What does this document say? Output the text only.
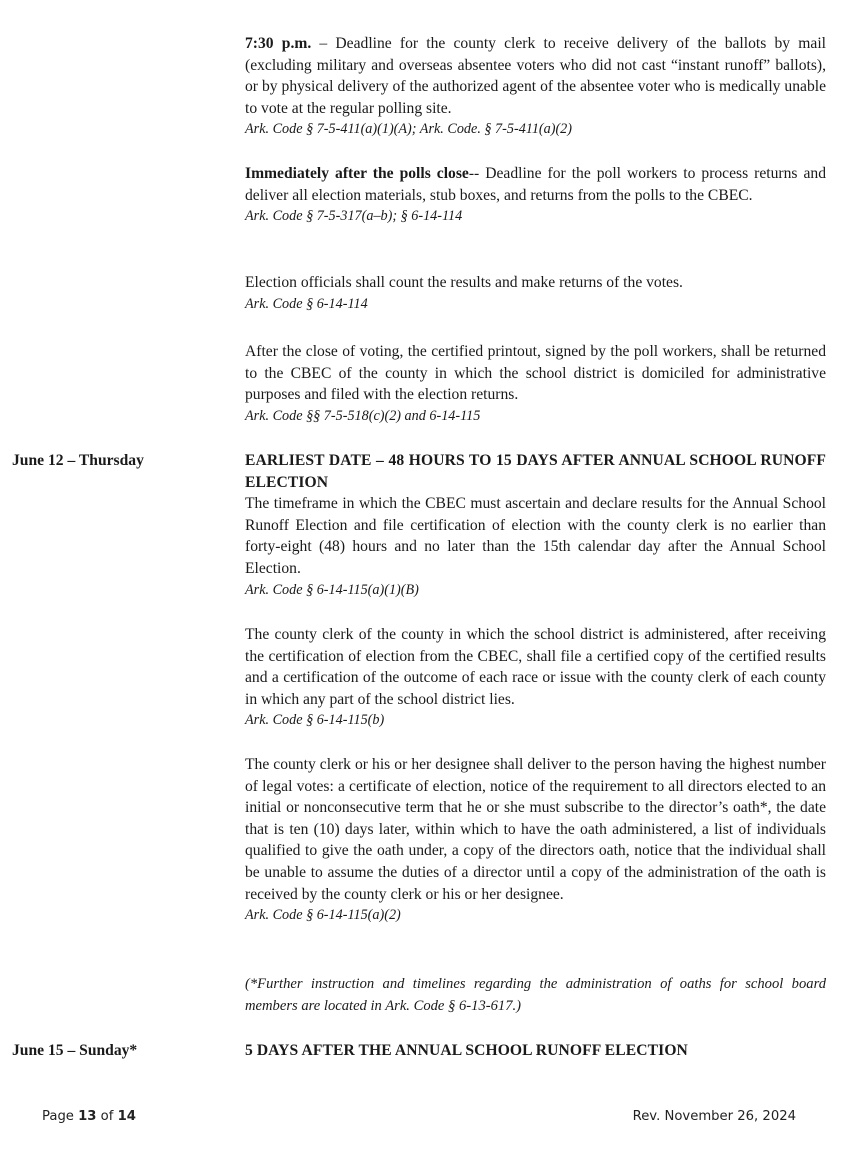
7:30 p.m. – Deadline for the county clerk to receive delivery of the ballots by mail (excluding military and overseas absentee voters who did not cast “instant runoff” ballots), or by physical delivery of the authorized agent of the absentee voter who is medically unable to vote at the regular polling site.

Ark. Code § 7-5-411(a)(1)(A); Ark. Code. § 7-5-411(a)(2)

Immediately after the polls close-- Deadline for the poll workers to process returns and deliver all election materials, stub boxes, and returns from the polls to the CBEC.

Ark. Code § 7-5-317(a–b); § 6-14-114

Election officials shall count the results and make returns of the votes.

Ark. Code § 6-14-114

After the close of voting, the certified printout, signed by the poll workers, shall be returned to the CBEC of the county in which the school district is domiciled for administrative purposes and filed with the election returns.

Ark. Code §§ 7-5-518(c)(2) and 6-14-115

June 12 – Thursday	EARLIEST DATE – 48 HOURS TO 15 DAYS AFTER ANNUAL SCHOOL RUNOFF ELECTION

The timeframe in which the CBEC must ascertain and declare results for the Annual School Runoff Election and file certification of election with the county clerk is no earlier than forty-eight (48) hours and no later than the 15th calendar day after the Annual School Election.

Ark. Code § 6-14-115(a)(1)(B)

The county clerk of the county in which the school district is administered, after receiving the certification of election from the CBEC, shall file a certified copy of the certified results and a certification of the outcome of each race or issue with the county clerk of each county in which any part of the school district lies.

Ark. Code § 6-14-115(b)

The county clerk or his or her designee shall deliver to the person having the highest number of legal votes: a certificate of election, notice of the requirement to all directors elected to an initial or nonconsecutive term that he or she must subscribe to the director’s oath*, the date that is ten (10) days later, within which to have the oath administered, a list of individuals qualified to give the oath under, a copy of the directors oath, notice that the individual shall be unable to assume the duties of a director until a copy of the administration of the oath is received by the county clerk or his or her designee.

Ark. Code § 6-14-115(a)(2)

(*Further instruction and timelines regarding the administration of oaths for school board members are located in Ark. Code § 6-13-617.)

June 15 – Sunday*	5 DAYS AFTER THE ANNUAL SCHOOL RUNOFF ELECTION

Page 13 of 14	Rev. November 26, 2024
